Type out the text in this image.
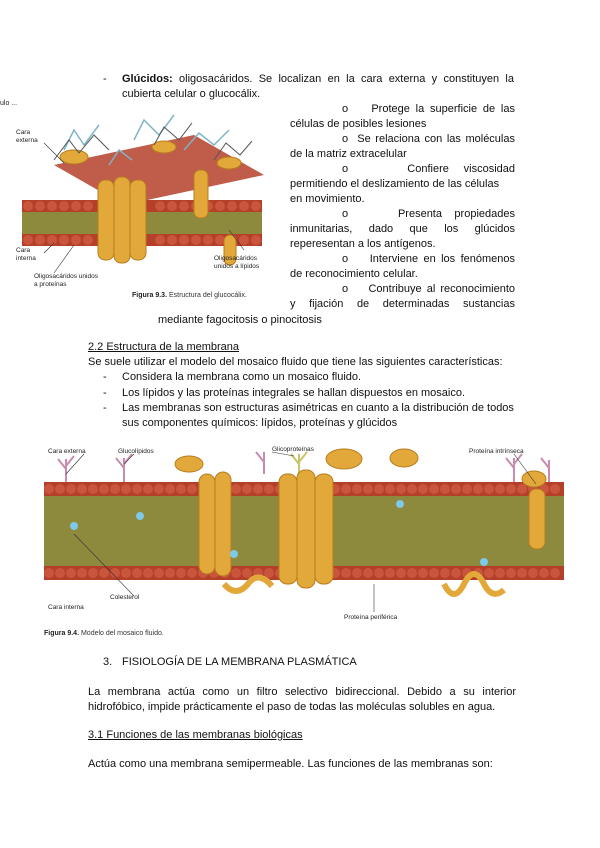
ulo ...
- Glúcidos: oligosacáridos. Se localizan en la cara externa y constituyen la
cubierta celular o glucocálix.
Cara
externa
Cara
interna
Oligosacáridos unidos
a proteínas
Oligosacáridos
unidos a lípidos
Figura 9.3. Estructura del glucocálix.
o Protege la superficie de las
células de posibles lesiones
o Se relaciona con las moléculas
de la matriz extracelular
o	Confiere viscosidad
permitiendo el deslizamiento de las células
en movimiento.
o	Presenta propiedades
inmunitarias, dado que los glúcidos
reperesentan a los antígenos.
o Interviene en los fenómenos
de reconocimiento celular.
o Contribuye al reconocimiento
y fijación de determinadas sustancias
mediante fagocitosis o pinocitosis
2.2 Estructura de la membrana
Se suele utilizar el modelo del mosaico fluido que tiene las siguientes características:
- Considera la membrana como un mosaico fluido.
- Los lípidos y las proteínas integrales se hallan dispuestos en mosaico.
- Las membranas son estructuras asimétricas en cuanto a la distribución de todos
sus componentes químicos: lípidos, proteínas y glúcidos
Cara externa	Glucolípidos	Glicoproteínas	Proteína intrínseca
Cara interna
Colesterol
Proteína periférica
Figura 9.4. Modelo del mosaico fluido.
3. FISIOLOGÍA DE LA MEMBRANA PLASMÁTICA
La membrana actúa como un filtro selectivo bidireccional. Debido a su interior
hidrofóbico, impide prácticamente el paso de todas las moléculas solubles en agua.
3.1 Funciones de las membranas biológicas
Actúa como una membrana semipermeable. Las funciones de las membranas son:
